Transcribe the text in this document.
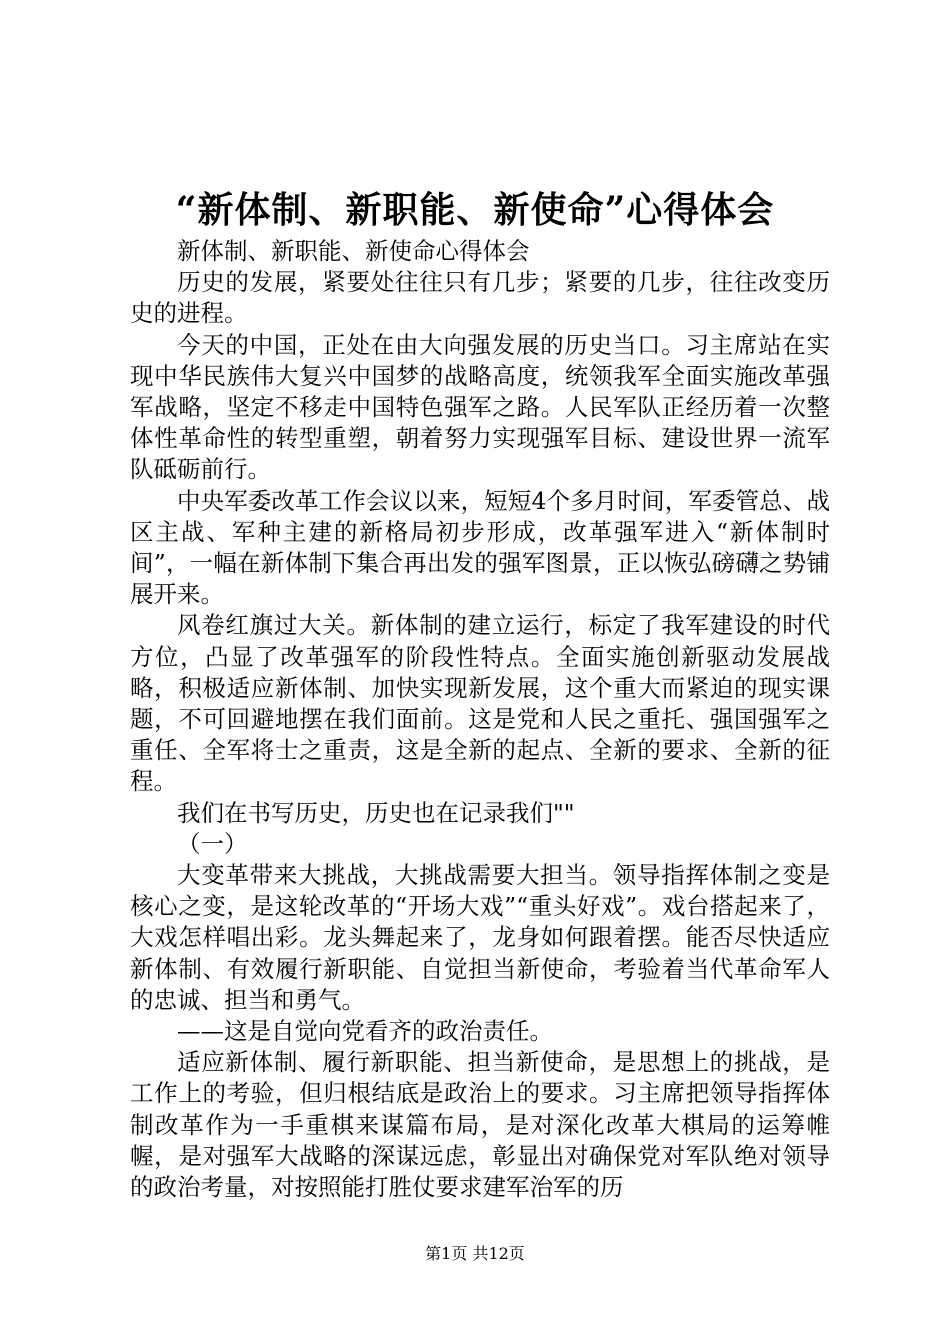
“新体制、新职能、新使命”心得体会

新体制、新职能、新使命心得体会

历史的发展，紧要处往往只有几步；紧要的几步，往往改变历史的进程。

今天的中国，正处在由大向强发展的历史当口。习主席站在实现中华民族伟大复兴中国梦的战略高度，统领我军全面实施改革强军战略，坚定不移走中国特色强军之路。人民军队正经历着一次整体性革命性的转型重塑，朝着努力实现强军目标、建设世界一流军队砥砺前行。

中央军委改革工作会议以来，短短4个多月时间，军委管总、战区主战、军种主建的新格局初步形成，改革强军进入“新体制时间”，一幅在新体制下集合再出发的强军图景，正以恢弘磅礴之势铺展开来。

风卷红旗过大关。新体制的建立运行，标定了我军建设的时代方位，凸显了改革强军的阶段性特点。全面实施创新驱动发展战略，积极适应新体制、加快实现新发展，这个重大而紧迫的现实课题，不可回避地摆在我们面前。这是党和人民之重托、强国强军之重任、全军将士之重责，这是全新的起点、全新的要求、全新的征程。

我们在书写历史，历史也在记录我们""

（一）

大变革带来大挑战，大挑战需要大担当。领导指挥体制之变是核心之变，是这轮改革的“开场大戏”“重头好戏”。戏台搭起来了，大戏怎样唱出彩。龙头舞起来了，龙身如何跟着摆。能否尽快适应新体制、有效履行新职能、自觉担当新使命，考验着当代革命军人的忠诚、担当和勇气。

——这是自觉向党看齐的政治责任。

适应新体制、履行新职能、担当新使命，是思想上的挑战，是工作上的考验，但归根结底是政治上的要求。习主席把领导指挥体制改革作为一手重棋来谋篇布局，是对深化改革大棋局的运筹帷幄，是对强军大战略的深谋远虑，彰显出对确保党对军队绝对领导的政治考量，对按照能打胜仗要求建军治军的历

第1页 共12页
